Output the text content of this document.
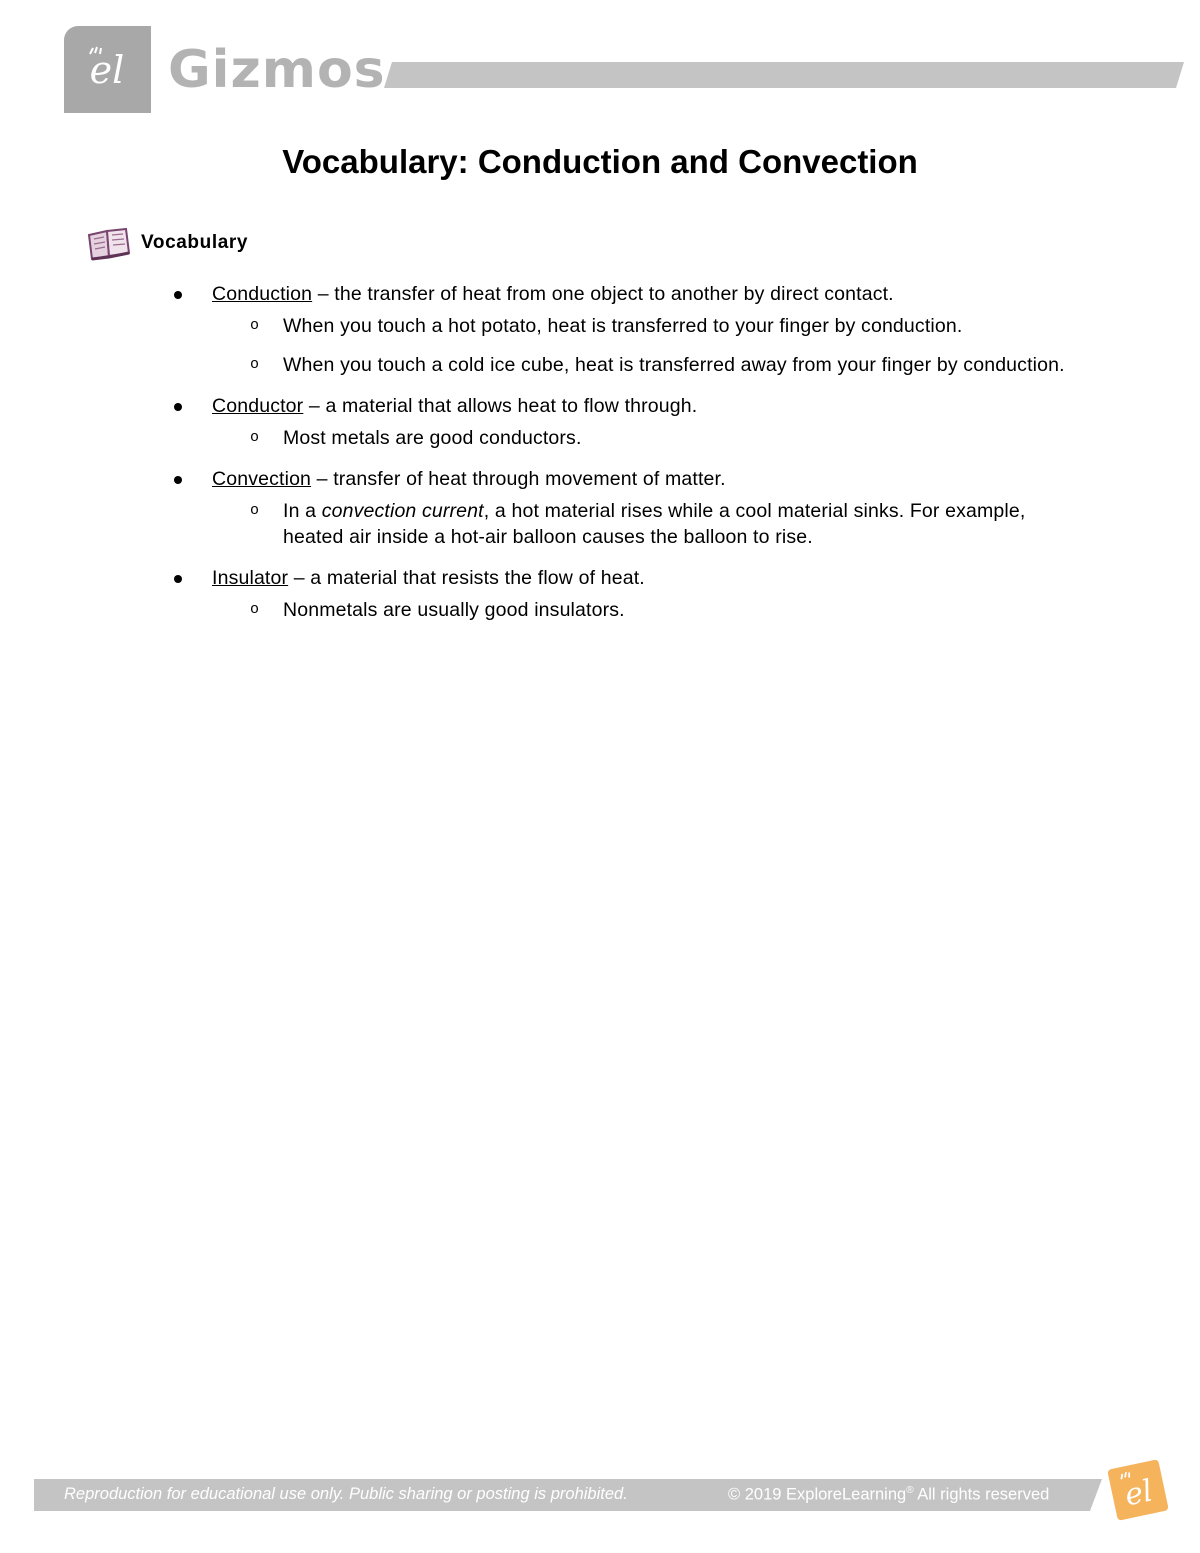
el Gizmos
Vocabulary: Conduction and Convection
Vocabulary
Conduction – the transfer of heat from one object to another by direct contact.
o When you touch a hot potato, heat is transferred to your finger by conduction.
o When you touch a cold ice cube, heat is transferred away from your finger by conduction.
Conductor – a material that allows heat to flow through.
o Most metals are good conductors.
Convection – transfer of heat through movement of matter.
o In a convection current, a hot material rises while a cool material sinks. For example, heated air inside a hot-air balloon causes the balloon to rise.
Insulator – a material that resists the flow of heat.
o Nonmetals are usually good insulators.
Reproduction for educational use only. Public sharing or posting is prohibited.	© 2019 ExploreLearning® All rights reserved el
